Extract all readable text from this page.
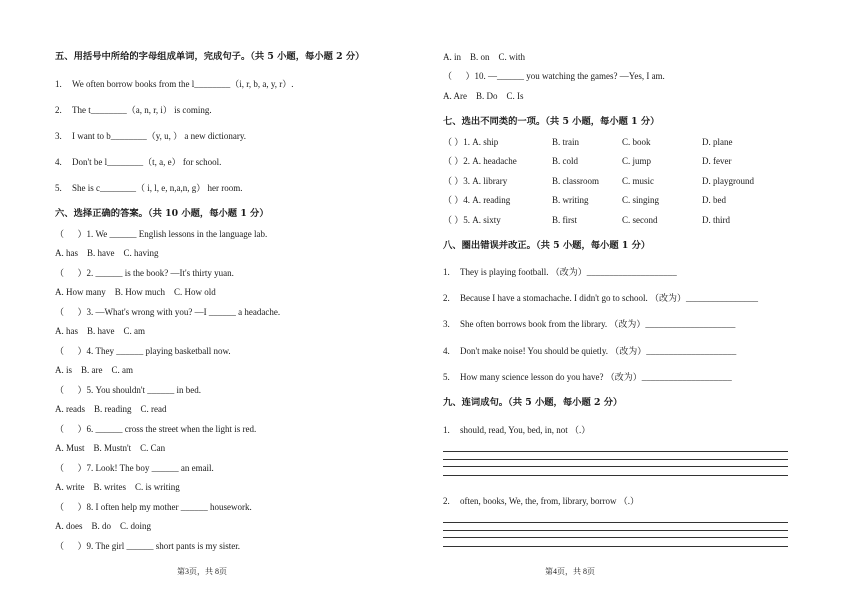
五、用括号中所给的字母组成单词，完成句子。（共 5 小题，每小题 2 分）
1. We often borrow books from the l________（i, r, b, a, y, r）.
2. The t________（a, n, r, i） is coming.
3. I want to b________（y, u, ） a new dictionary.
4. Don't be l________（t, a, e） for school.
5. She is c________（ i, l, e, n,a,n, g） her room.
六、选择正确的答案。（共 10 小题，每小题 1 分）
（      ）1. We ______ English lessons in the language lab.
A. has    B. have    C. having
（      ）2. ______ is the book? —It's thirty yuan.
A. How many    B. How much    C. How old
（      ）3. —What's wrong with you? —I ______ a headache.
A. has    B. have    C. am
（      ）4. They ______ playing basketball now.
A. is    B. are    C. am
（      ）5. You shouldn't ______ in bed.
A. reads    B. reading    C. read
（      ）6. ______ cross the street when the light is red.
A. Must    B. Mustn't    C. Can
（      ）7. Look! The boy ______ an email.
A. write    B. writes    C. is writing
（      ）8. I often help my mother ______ housework.
A. does    B. do    C. doing
（      ）9. The girl ______ short pants is my sister.
第3页，共 8页
A. in    B. on    C. with
（      ）10. —______ you watching the games? —Yes, I am.
A. Are    B. Do    C. Is
七、选出不同类的一项。（共 5 小题，每小题 1 分）
（ ）1. A. ship	B. train	C. book	D. plane
（ ）2. A. headache	B. cold	C. jump	D. fever
（ ）3. A. library	B. classroom	C. music	D. playground
（ ）4. A. reading	B. writing	C. singing	D. bed
（ ）5. A. sixty	B. first	C. second	D. third
八、圈出错误并改正。（共 5 小题，每小题 1 分）
1. They is playing football. （改为）____________________
2. Because I have a stomachache. I didn't go to school. （改为）________________
3. She often borrows book from the library. （改为）____________________
4. Don't make noise! You should be quietly. （改为）____________________
5. How many science lesson do you have? （改为）____________________
九、连词成句。（共 5 小题，每小题 2 分）
1. should, read, You, bed, in, not （.）
2. often, books, We, the, from, library, borrow （.）
第4页，共 8页
